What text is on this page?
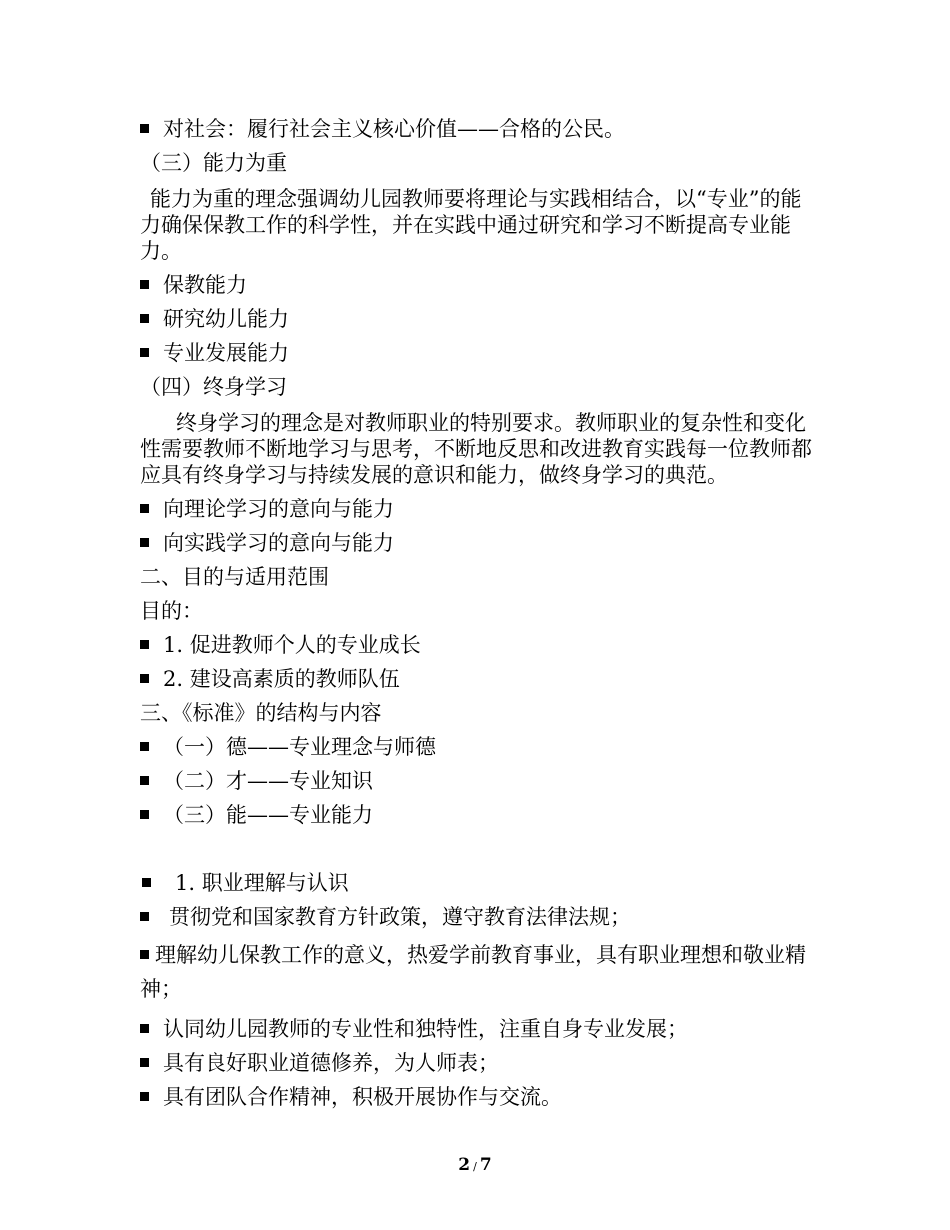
对社会：履行社会主义核心价值——合格的公民。
（三）能力为重
能力为重的理念强调幼儿园教师要将理论与实践相结合，以“专业”的能力确保保教工作的科学性，并在实践中通过研究和学习不断提高专业能力。
保教能力
研究幼儿能力
专业发展能力
（四）终身学习
终身学习的理念是对教师职业的特别要求。教师职业的复杂性和变化性需要教师不断地学习与思考，不断地反思和改进教育实践每一位教师都应具有终身学习与持续发展的意识和能力，做终身学习的典范。
向理论学习的意向与能力
向实践学习的意向与能力
二、目的与适用范围
目的：
1. 促进教师个人的专业成长
2. 建设高素质的教师队伍
三、《标准》的结构与内容
（一）德——专业理念与师德
（二）才——专业知识
（三）能——专业能力
1. 职业理解与认识
贯彻党和国家教育方针政策，遵守教育法律法规；
理解幼儿保教工作的意义，热爱学前教育事业，具有职业理想和敬业精神；
认同幼儿园教师的专业性和独特性，注重自身专业发展；
具有良好职业道德修养，为人师表；
具有团队合作精神，积极开展协作与交流。
2 / 7
